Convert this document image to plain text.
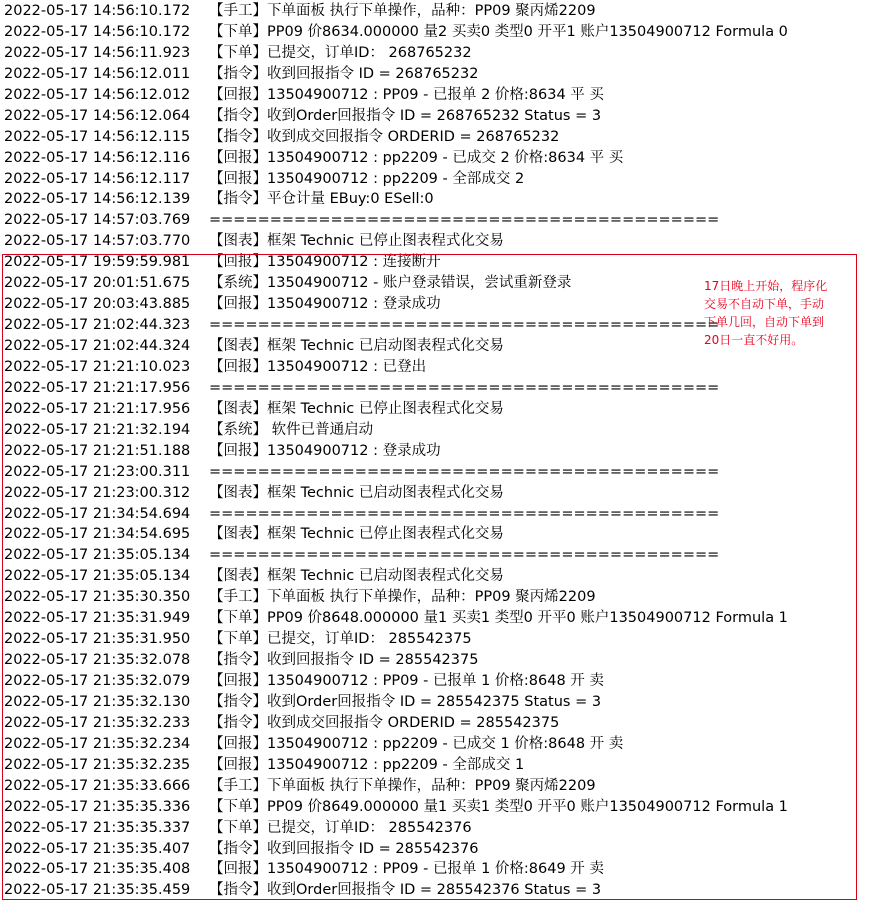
2022-05-17 14:56:10.172 【手工】下单面板 执行下单操作，品种：PP09 聚丙烯2209
2022-05-17 14:56:10.172 【下单】PP09 价8634.000000 量2 买卖0 类型0 开平1 账户13504900712 Formula 0
2022-05-17 14:56:11.923 【下单】已提交，订单ID： 268765232
2022-05-17 14:56:12.011 【指令】收到回报指令 ID = 268765232
2022-05-17 14:56:12.012 【回报】13504900712 : PP09 - 已报单 2 价格:8634 平 买
2022-05-17 14:56:12.064 【指令】收到Order回报指令 ID = 268765232 Status = 3
2022-05-17 14:56:12.115 【指令】收到成交回报指令 ORDERID = 268765232
2022-05-17 14:56:12.116 【回报】13504900712 : pp2209 - 已成交 2 价格:8634 平 买
2022-05-17 14:56:12.117 【回报】13504900712 : pp2209 - 全部成交 2
2022-05-17 14:56:12.139 【指令】平仓计量 EBuy:0 ESell:0
2022-05-17 14:57:03.769 ==========================================
2022-05-17 14:57:03.770 【图表】框架 Technic 已停止图表程式化交易
2022-05-17 19:59:59.981 【回报】13504900712 : 连接断开
2022-05-17 20:01:51.675 【系统】13504900712 - 账户登录错误，尝试重新登录
2022-05-17 20:03:43.885 【回报】13504900712 : 登录成功
2022-05-17 21:02:44.323 ==========================================
2022-05-17 21:02:44.324 【图表】框架 Technic 已启动图表程式化交易
2022-05-17 21:21:10.023 【回报】13504900712 : 已登出
2022-05-17 21:21:17.956 ==========================================
2022-05-17 21:21:17.956 【图表】框架 Technic 已停止图表程式化交易
2022-05-17 21:21:32.194 【系统】 软件已普通启动
2022-05-17 21:21:51.188 【回报】13504900712 : 登录成功
2022-05-17 21:23:00.311 ==========================================
2022-05-17 21:23:00.312 【图表】框架 Technic 已启动图表程式化交易
2022-05-17 21:34:54.694 ==========================================
2022-05-17 21:34:54.695 【图表】框架 Technic 已停止图表程式化交易
2022-05-17 21:35:05.134 ==========================================
2022-05-17 21:35:05.134 【图表】框架 Technic 已启动图表程式化交易
2022-05-17 21:35:30.350 【手工】下单面板 执行下单操作，品种：PP09 聚丙烯2209
2022-05-17 21:35:31.949 【下单】PP09 价8648.000000 量1 买卖1 类型0 开平0 账户13504900712 Formula 1
2022-05-17 21:35:31.950 【下单】已提交，订单ID： 285542375
2022-05-17 21:35:32.078 【指令】收到回报指令 ID = 285542375
2022-05-17 21:35:32.079 【回报】13504900712 : PP09 - 已报单 1 价格:8648 开 卖
2022-05-17 21:35:32.130 【指令】收到Order回报指令 ID = 285542375 Status = 3
2022-05-17 21:35:32.233 【指令】收到成交回报指令 ORDERID = 285542375
2022-05-17 21:35:32.234 【回报】13504900712 : pp2209 - 已成交 1 价格:8648 开 卖
2022-05-17 21:35:32.235 【回报】13504900712 : pp2209 - 全部成交 1
2022-05-17 21:35:33.666 【手工】下单面板 执行下单操作，品种：PP09 聚丙烯2209
2022-05-17 21:35:35.336 【下单】PP09 价8649.000000 量1 买卖1 类型0 开平0 账户13504900712 Formula 1
2022-05-17 21:35:35.337 【下单】已提交，订单ID： 285542376
2022-05-17 21:35:35.407 【指令】收到回报指令 ID = 285542376
2022-05-17 21:35:35.408 【回报】13504900712 : PP09 - 已报单 1 价格:8649 开 卖
2022-05-17 21:35:35.459 【指令】收到Order回报指令 ID = 285542376 Status = 3
17日晚上开始，程序化
交易不自动下单，手动
下单几回，自动下单到
20日一直不好用。
